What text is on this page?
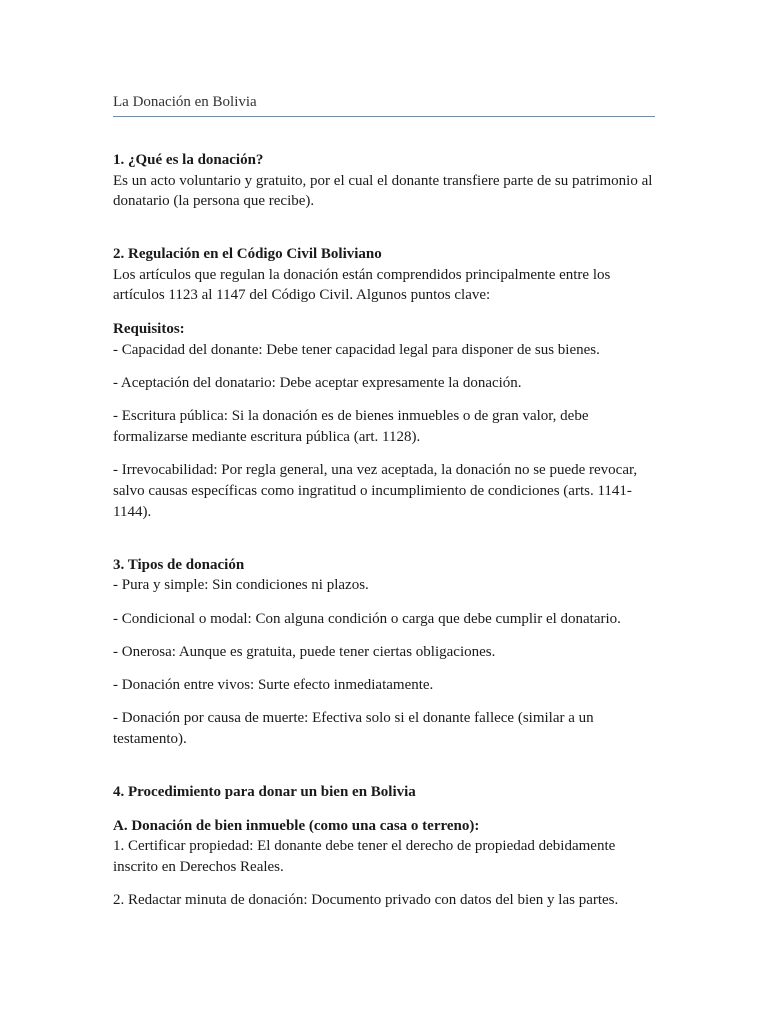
La Donación en Bolivia

1. ¿Qué es la donación?

Es un acto voluntario y gratuito, por el cual el donante transfiere parte de su patrimonio al donatario (la persona que recibe).

2. Regulación en el Código Civil Boliviano

Los artículos que regulan la donación están comprendidos principalmente entre los artículos 1123 al 1147 del Código Civil. Algunos puntos clave:

Requisitos:

- Capacidad del donante: Debe tener capacidad legal para disponer de sus bienes.

- Aceptación del donatario: Debe aceptar expresamente la donación.

- Escritura pública: Si la donación es de bienes inmuebles o de gran valor, debe formalizarse mediante escritura pública (art. 1128).

- Irrevocabilidad: Por regla general, una vez aceptada, la donación no se puede revocar, salvo causas específicas como ingratitud o incumplimiento de condiciones (arts. 1141-1144).

3. Tipos de donación

- Pura y simple: Sin condiciones ni plazos.

- Condicional o modal: Con alguna condición o carga que debe cumplir el donatario.

- Onerosa: Aunque es gratuita, puede tener ciertas obligaciones.

- Donación entre vivos: Surte efecto inmediatamente.

- Donación por causa de muerte: Efectiva solo si el donante fallece (similar a un testamento).

4. Procedimiento para donar un bien en Bolivia

A. Donación de bien inmueble (como una casa o terreno):

1. Certificar propiedad: El donante debe tener el derecho de propiedad debidamente inscrito en Derechos Reales.

2. Redactar minuta de donación: Documento privado con datos del bien y las partes.
